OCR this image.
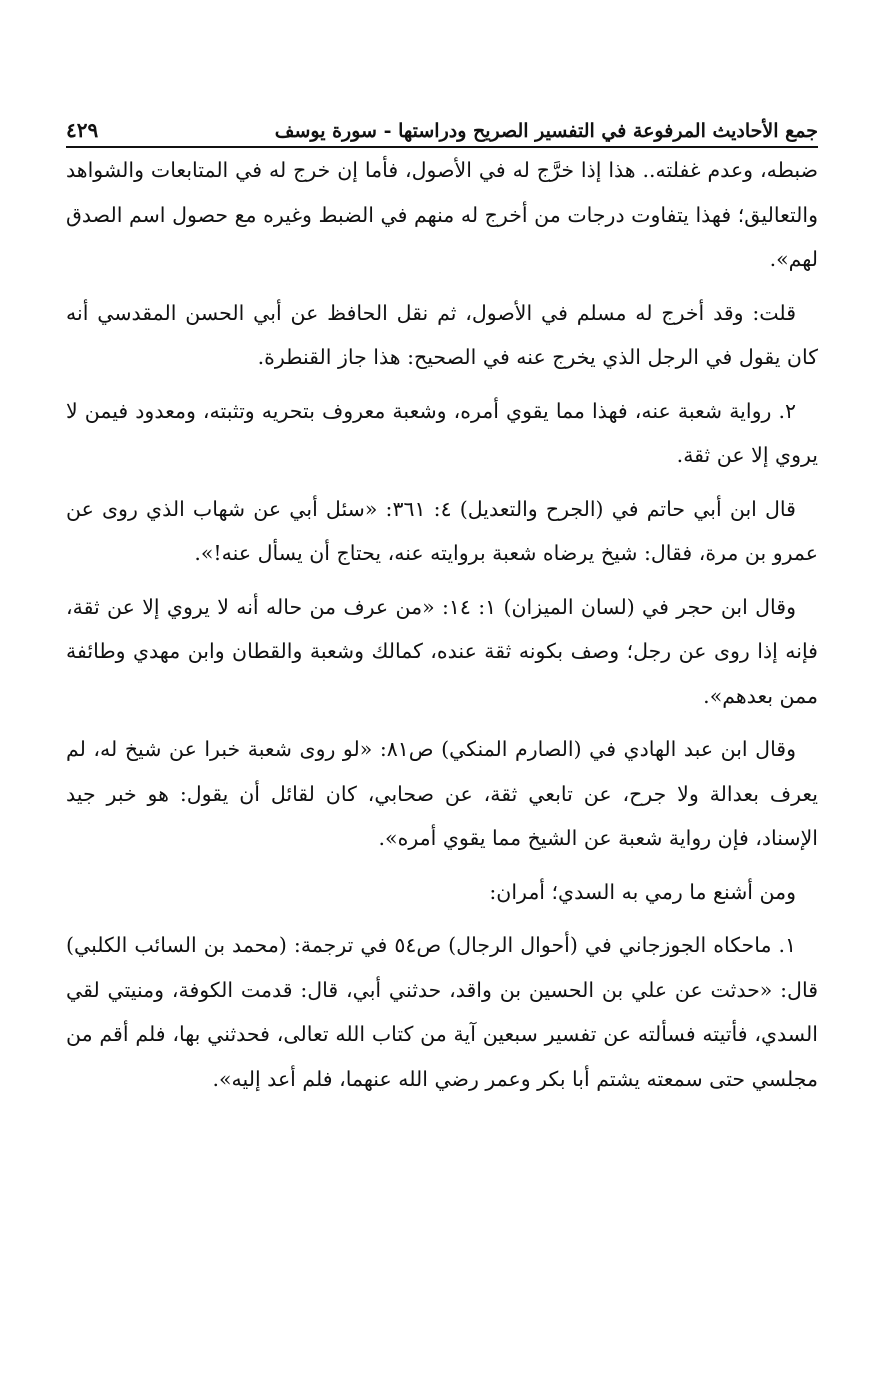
جمع الأحاديث المرفوعة في التفسير الصريح ودراستها - سورة يوسف
٤٢٩

ضبطه، وعدم غفلته.. هذا إذا خرَّج له في الأصول، فأما إن خرج له في المتابعات والشواهد والتعاليق؛ فهذا يتفاوت درجات من أخرج له منهم في الضبط وغيره مع حصول اسم الصدق لهم».

قلت: وقد أخرج له مسلم في الأصول، ثم نقل الحافظ عن أبي الحسن المقدسي أنه كان يقول في الرجل الذي يخرج عنه في الصحيح: هذا جاز القنطرة.

٢. رواية شعبة عنه، فهذا مما يقوي أمره، وشعبة معروف بتحريه وتثبته، ومعدود فيمن لا يروي إلا عن ثقة.

قال ابن أبي حاتم في (الجرح والتعديل) ٤: ٣٦١: «سئل أبي عن شهاب الذي روى عن عمرو بن مرة، فقال: شيخ يرضاه شعبة بروايته عنه، يحتاج أن يسأل عنه!».

وقال ابن حجر في (لسان الميزان) ١: ١٤: «من عرف من حاله أنه لا يروي إلا عن ثقة، فإنه إذا روى عن رجل؛ وصف بكونه ثقة عنده، كمالك وشعبة والقطان وابن مهدي وطائفة ممن بعدهم».

وقال ابن عبد الهادي في (الصارم المنكي) ص٨١: «لو روى شعبة خبرا عن شيخ له، لم يعرف بعدالة ولا جرح، عن تابعي ثقة، عن صحابي، كان لقائل أن يقول: هو خبر جيد الإسناد، فإن رواية شعبة عن الشيخ مما يقوي أمره».

ومن أشنع ما رمي به السدي؛ أمران:

١. ماحكاه الجوزجاني في (أحوال الرجال) ص٥٤ في ترجمة: (محمد بن السائب الكلبي) قال: «حدثت عن علي بن الحسين بن واقد، حدثني أبي، قال: قدمت الكوفة، ومنيتي لقي السدي، فأتيته فسألته عن تفسير سبعين آية من كتاب الله تعالى، فحدثني بها، فلم أقم من مجلسي حتى سمعته يشتم أبا بكر وعمر رضي الله عنهما، فلم أعد إليه».
